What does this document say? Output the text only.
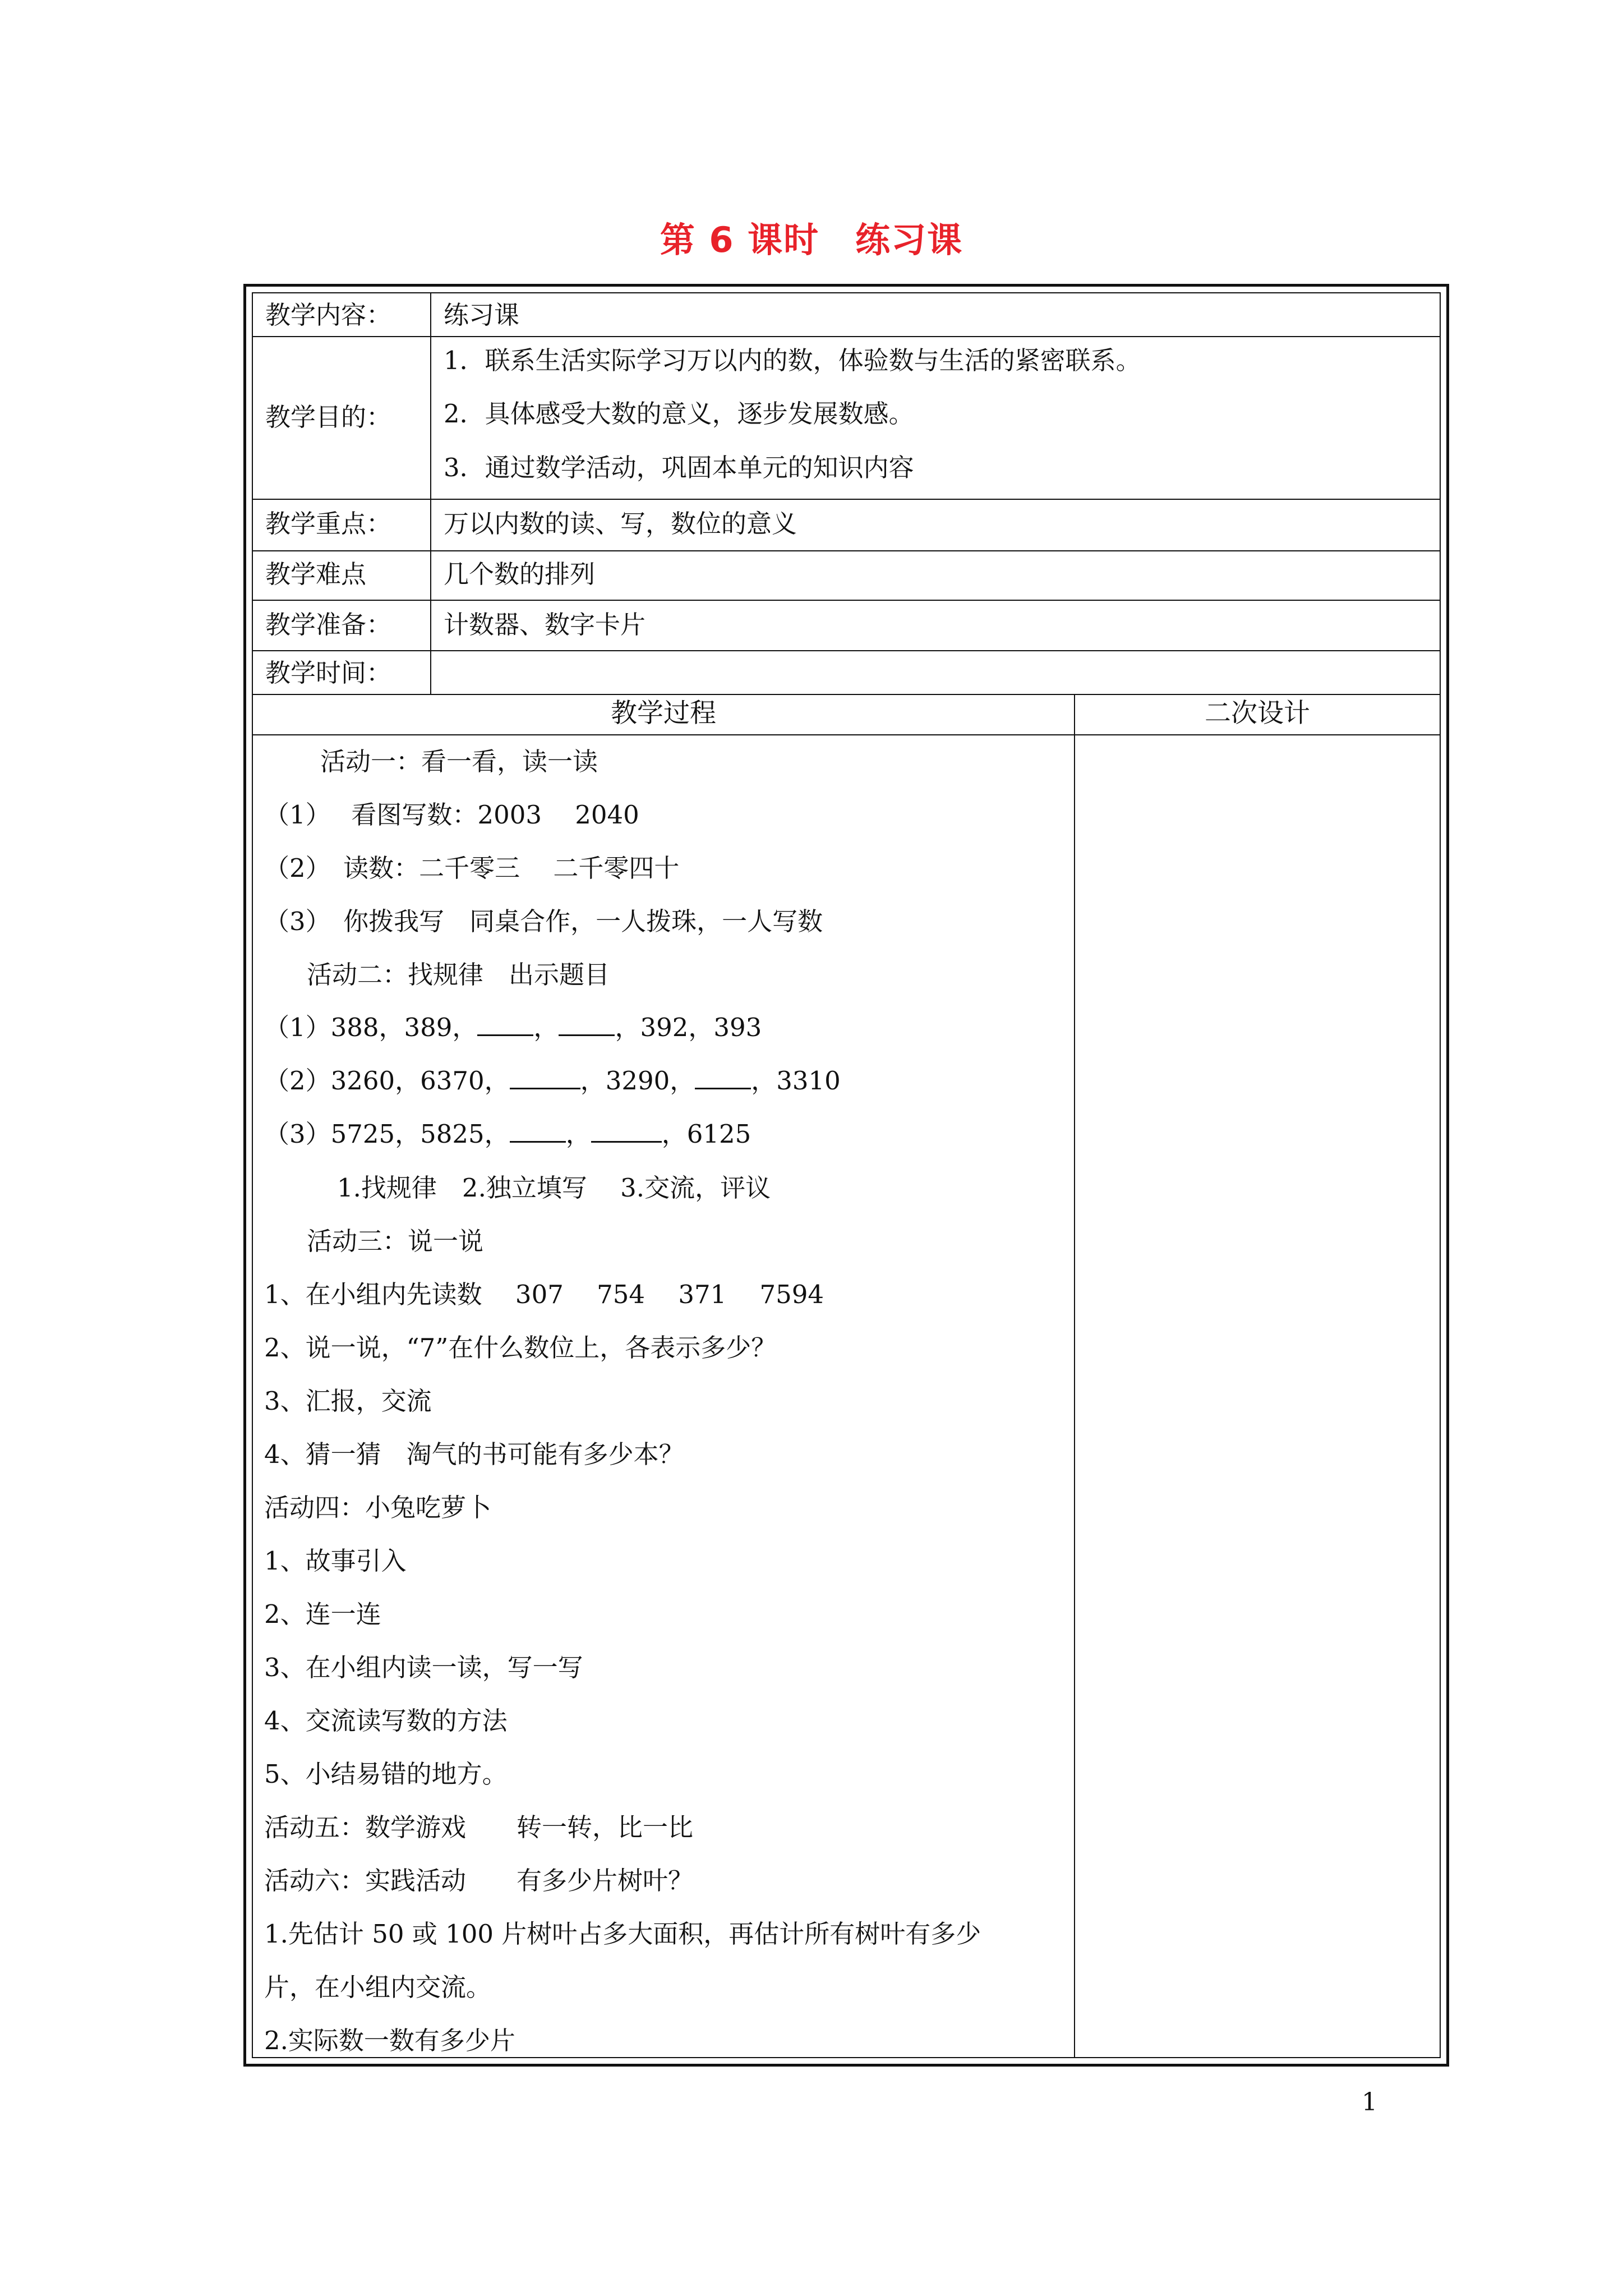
第 6 课时　练习课
教学内容：	练习课
教学目的：
1．联系生活实际学习万以内的数，体验数与生活的紧密联系。
2．具体感受大数的意义，逐步发展数感。
3．通过数学活动，巩固本单元的知识内容
教学重点：	万以内数的读、写，数位的意义
教学难点	几个数的排列
教学准备：	计数器、数字卡片
教学时间：
教学过程	二次设计
活动一：看一看，读一读
（1）　 看图写数：2003　 2040
（2）　读数：二千零三　 二千零四十
（3）　你拨我写　同桌合作，一人拨珠，一人写数
活动二：找规律　出示题目
（1）388，389， ， ，392，393
（2）3260，6370，	，3290， ，3310
（3）5725，5825， ，	，6125
1.找规律　2.独立填写　 3.交流，评议
活动三：说一说
1、在小组内先读数　 307　 754　 371　 7594
2、说一说，“7”在什么数位上，各表示多少？
3、汇报，交流
4、猜一猜　淘气的书可能有多少本？
活动四：小兔吃萝卜
1、故事引入
2、连一连
3、在小组内读一读，写一写
4、交流读写数的方法
5、小结易错的地方。
活动五：数学游戏　　转一转，比一比
活动六：实践活动　　有多少片树叶？
1.先估计 50 或 100 片树叶占多大面积，再估计所有树叶有多少
片，在小组内交流。
2.实际数一数有多少片
1
